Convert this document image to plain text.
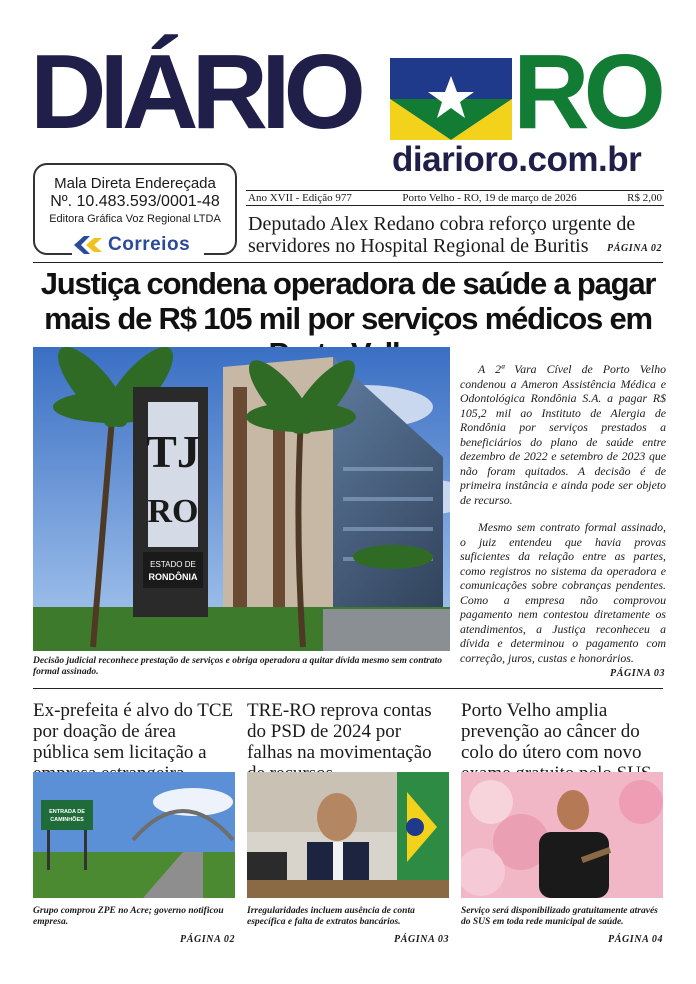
DIÁRIO	RO
diarioro.com.br
Mala Direta Endereçada
Nº. 10.483.593/0001-48
Editora Gráfica Voz Regional LTDA
Correios
Ano XVII - Edição 977	Porto Velho - RO, 19 de março de 2026	R$ 2,00
Deputado Alex Redano cobra reforço urgente de servidores no Hospital Regional de Buritis	PÁGINA 02
Justiça condena operadora de saúde a pagar mais de R$ 105 mil por serviços médicos em
TJ
RO
ESTADO DE
RONDÔNIA
Decisão judicial reconhece prestação de serviços e obriga operadora a quitar dívida mesmo sem contrato formal assinado.

A 2ª Vara Cível de Porto Velho condenou a Ameron Assistência Médica e Odontológica Rondônia S.A. a pagar R$ 105,2 mil ao Instituto de Alergia de Rondônia por serviços prestados a beneficiários do plano de saúde entre dezembro de 2022 e setembro de 2023 que não foram quitados. A decisão é de primeira instância e ainda pode ser objeto de recurso.

Mesmo sem contrato formal assinado, o juiz entendeu que havia provas suficientes da relação entre as partes, como registros no sistema da operadora e comunicações sobre cobranças pendentes. Como a empresa não comprovou pagamento nem contestou diretamente os atendimentos, a Justiça reconheceu a dívida e determinou o pagamento com correção, juros, custas e honorários.

PÁGINA 03
Ex-prefeita é alvo do TCE por doação de área pública sem licitação a
ENTRADA DE
CAMINHÕES
Grupo comprou ZPE no Acre; governo notificou empresa.
PÁGINA 02
TRE-RO reprova contas do PSD de 2024 por falhas na movimentação
Irregularidades incluem ausência de conta específica e falta de extratos bancários.
PÁGINA 03
Porto Velho amplia prevenção ao câncer do colo do útero com novo
Serviço será disponibilizado gratuitamente através do SUS em toda rede municipal de saúde.
PÁGINA 04
